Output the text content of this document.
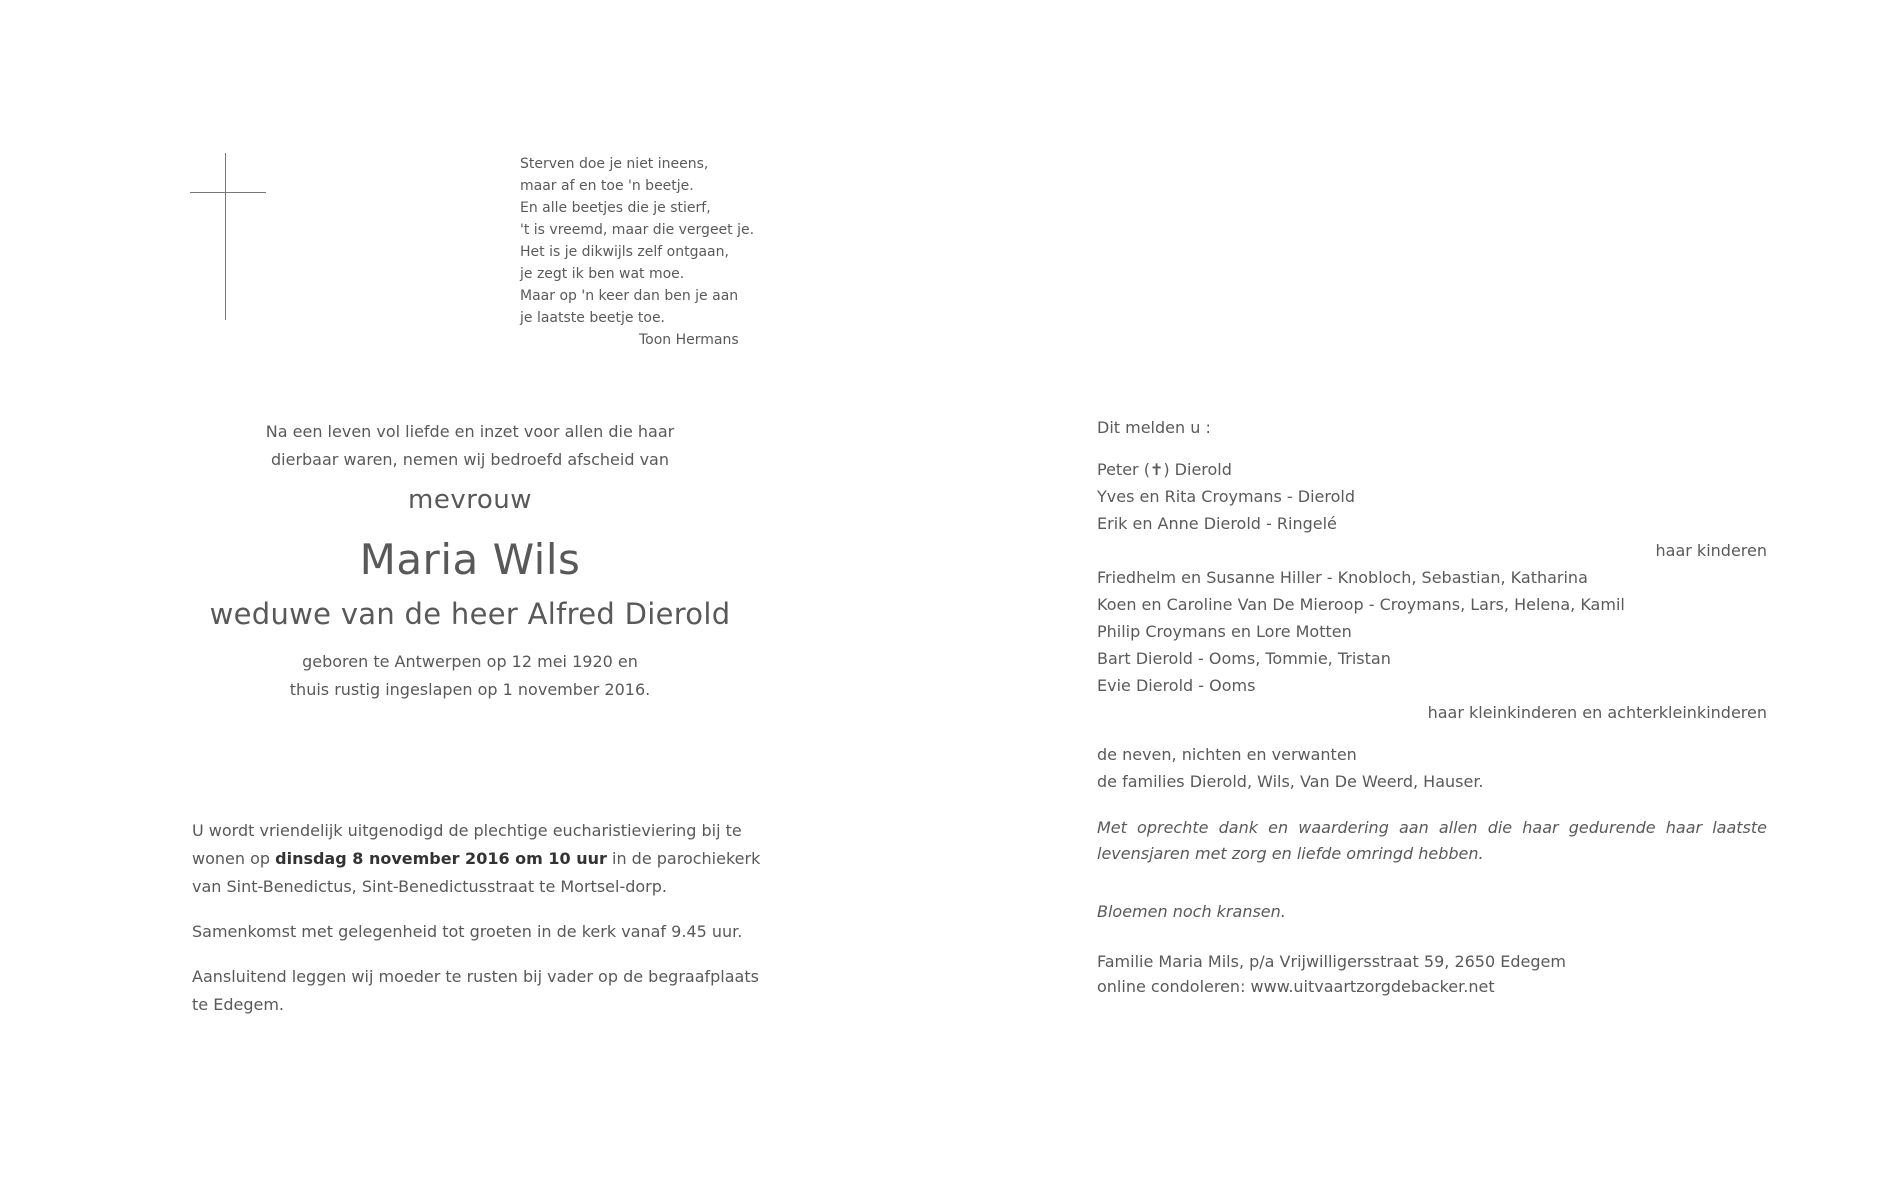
Sterven doe je niet ineens,
maar af en toe 'n beetje.
En alle beetjes die je stierf,
't is vreemd, maar die vergeet je.
Het is je dikwijls zelf ontgaan,
je zegt ik ben wat moe.
Maar op 'n keer dan ben je aan
je laatste beetje toe.
Toon Hermans
Na een leven vol liefde en inzet voor allen die haar
dierbaar waren, nemen wij bedroefd afscheid van
mevrouw
Maria Wils
weduwe van de heer Alfred Dierold
geboren te Antwerpen op 12 mei 1920 en
thuis rustig ingeslapen op 1 november 2016.

U wordt vriendelijk uitgenodigd de plechtige eucharistieviering bij te wonen op dinsdag 8 november 2016 om 10 uur in de parochiekerk van Sint-Benedictus, Sint-Benedictusstraat te Mortsel-dorp.

Samenkomst met gelegenheid tot groeten in de kerk vanaf 9.45 uur.

Aansluitend leggen wij moeder te rusten bij vader op de begraafplaats te Edegem.

Dit melden u :
Peter (✝) Dierold
Yves en Rita Croymans - Dierold
Erik en Anne Dierold - Ringelé
haar kinderen
Friedhelm en Susanne Hiller - Knobloch, Sebastian, Katharina
Koen en Caroline Van De Mieroop - Croymans, Lars, Helena, Kamil
Philip Croymans en Lore Motten
Bart Dierold - Ooms, Tommie, Tristan
Evie Dierold - Ooms
haar kleinkinderen en achterkleinkinderen
de neven, nichten en verwanten
de families Dierold, Wils, Van De Weerd, Hauser.
Met oprechte dank en waardering aan allen die haar gedurende haar laatste levensjaren met zorg en liefde omringd hebben.
Bloemen noch kransen.
Familie Maria Mils, p/a Vrijwilligersstraat 59, 2650 Edegem
online condoleren: www.uitvaartzorgdebacker.net
